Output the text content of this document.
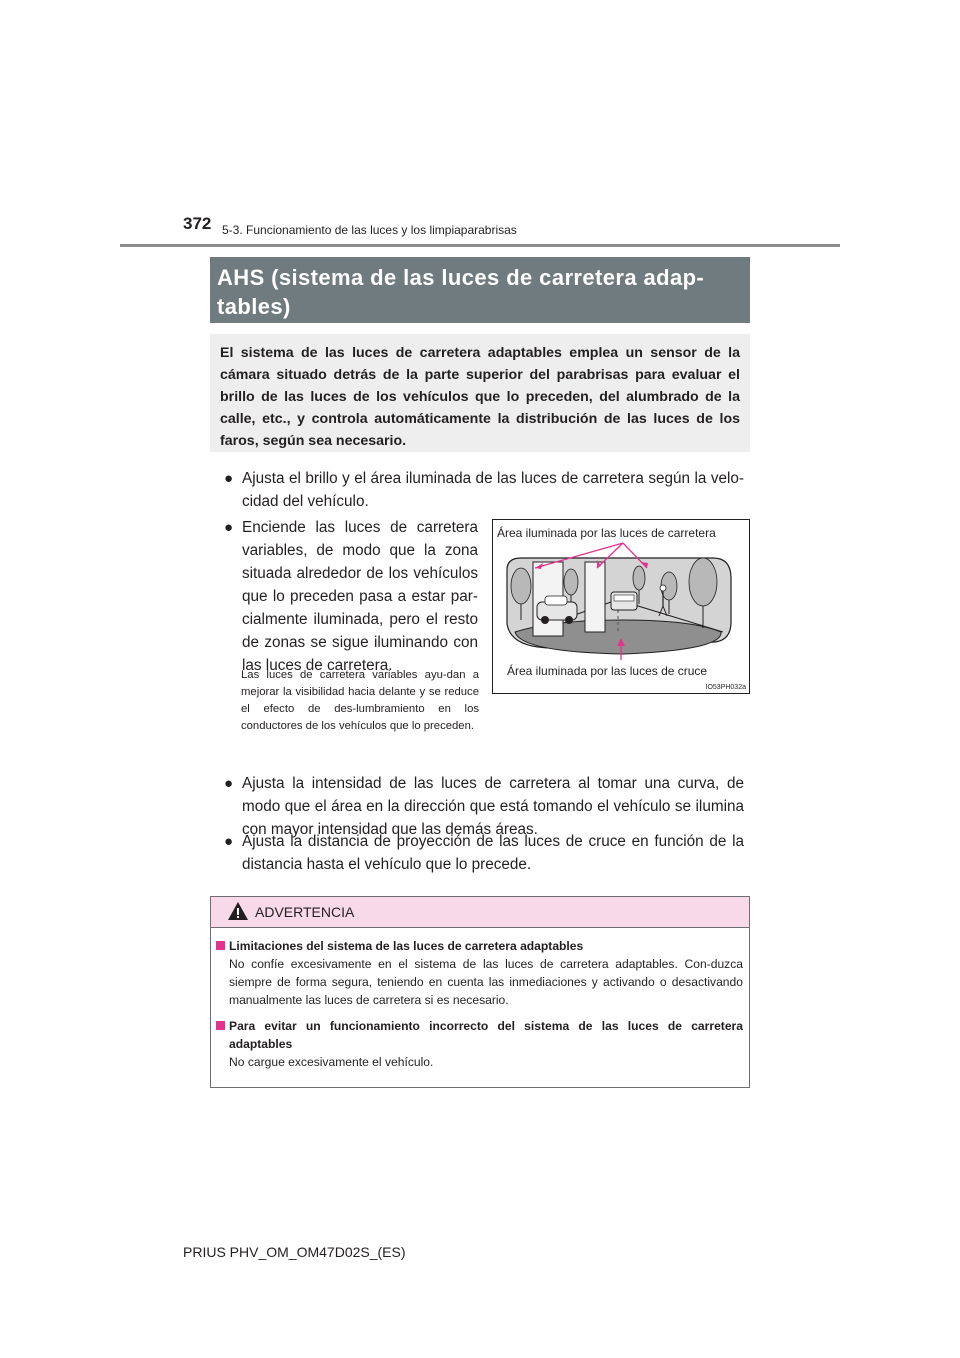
372 5-3. Funcionamiento de las luces y los limpiaparabrisas
AHS (sistema de las luces de carretera adap-tables)
El sistema de las luces de carretera adaptables emplea un sensor de la cámara situado detrás de la parte superior del parabrisas para evaluar el brillo de las luces de los vehículos que lo preceden, del alumbrado de la calle, etc., y controla automáticamente la distribución de las luces de los faros, según sea necesario.
● Ajusta el brillo y el área iluminada de las luces de carretera según la velo-cidad del vehículo.
● Enciende las luces de carretera variables, de modo que la zona situada alrededor de los vehículos que lo preceden pasa a estar par-cialmente iluminada, pero el resto de zonas se sigue iluminando con las luces de carretera.
Las luces de carretera variables ayu-dan a mejorar la visibilidad hacia delante y se reduce el efecto de des-lumbramiento en los conductores de los vehículos que lo preceden.
Área iluminada por las luces de carretera
Área iluminada por las luces de cruce
IO53PH032a
● Ajusta la intensidad de las luces de carretera al tomar una curva, de modo que el área en la dirección que está tomando el vehículo se ilumina con mayor intensidad que las demás áreas.
● Ajusta la distancia de proyección de las luces de cruce en función de la distancia hasta el vehículo que lo precede.
ADVERTENCIA
Limitaciones del sistema de las luces de carretera adaptables
No confíe excesivamente en el sistema de las luces de carretera adaptables. Con-duzca siempre de forma segura, teniendo en cuenta las inmediaciones y activando o desactivando manualmente las luces de carretera si es necesario.
Para evitar un funcionamiento incorrecto del sistema de las luces de carretera adaptables
No cargue excesivamente el vehículo.
PRIUS PHV_OM_OM47D02S_(ES)
